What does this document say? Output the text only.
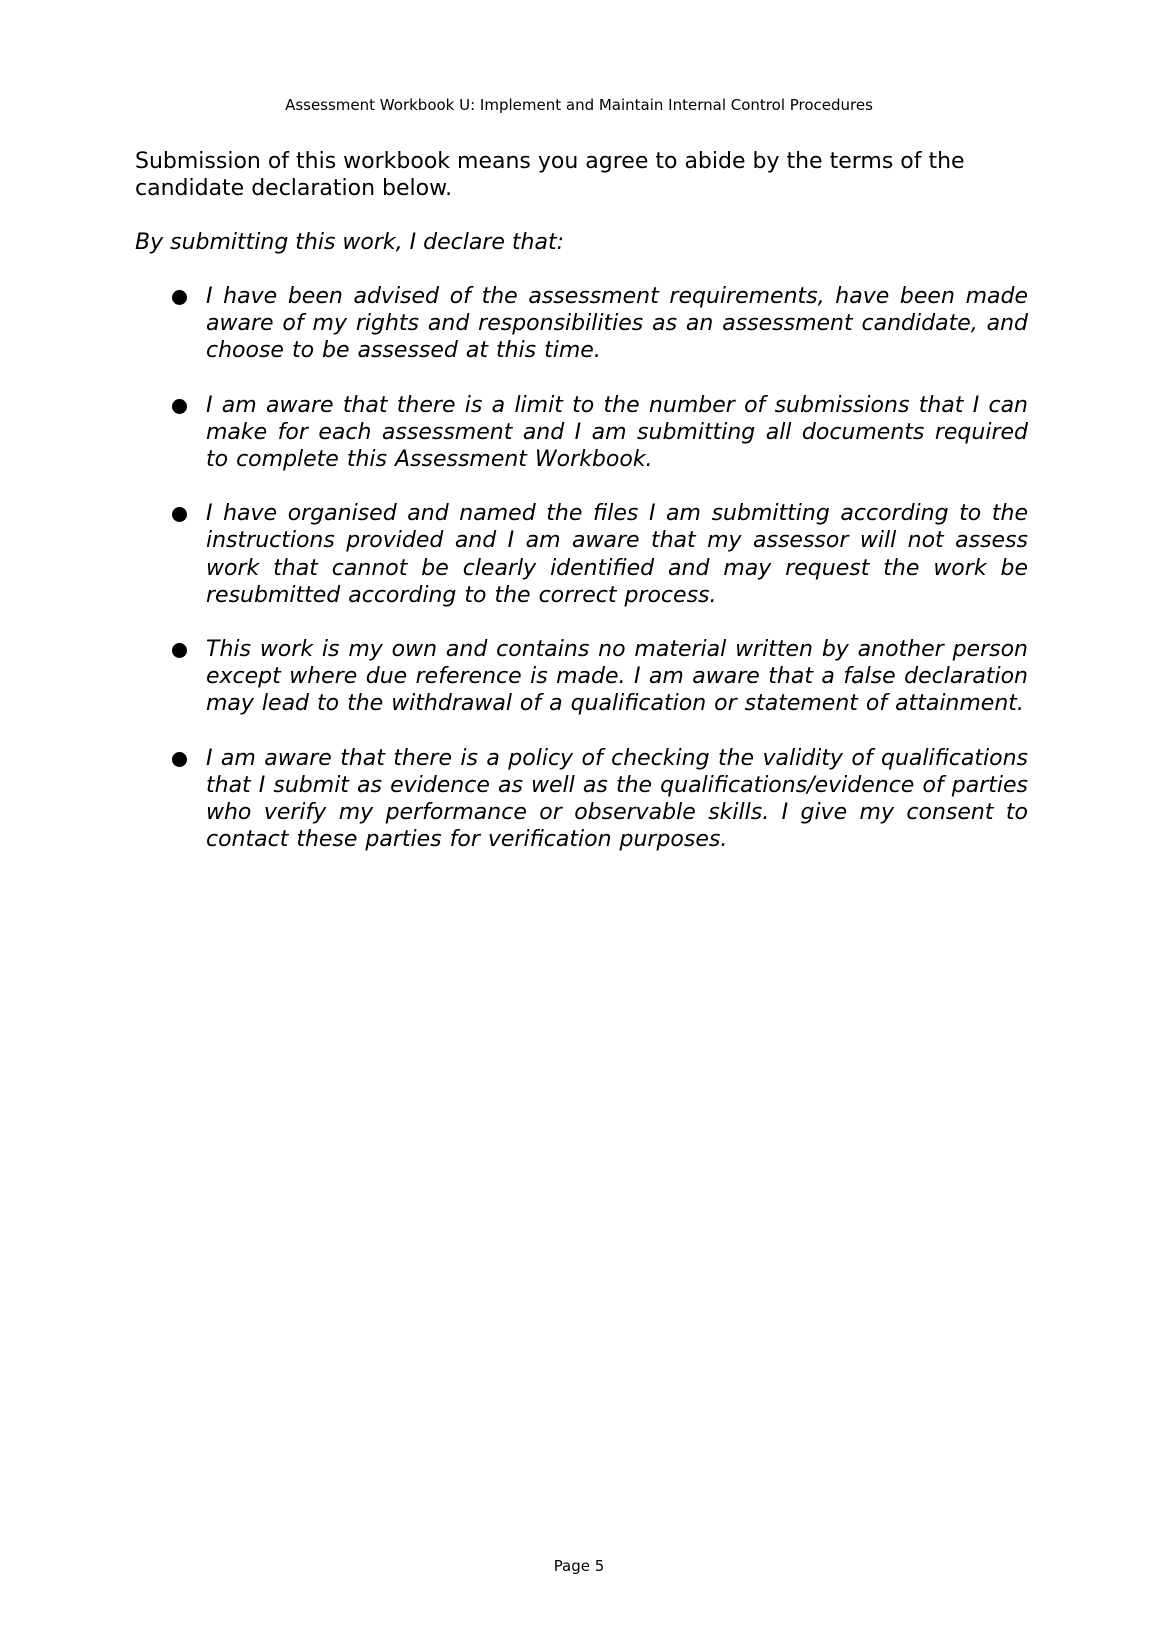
Assessment Workbook U: Implement and Maintain Internal Control Procedures

Submission of this workbook means you agree to abide by the terms of the candidate declaration below.

By submitting this work, I declare that:

I have been advised of the assessment requirements, have been made aware of my rights and responsibilities as an assessment candidate, and choose to be assessed at this time.
I am aware that there is a limit to the number of submissions that I can make for each assessment and I am submitting all documents required to complete this Assessment Workbook.
I have organised and named the files I am submitting according to the instructions provided and I am aware that my assessor will not assess work that cannot be clearly identified and may request the work be resubmitted according to the correct process.
This work is my own and contains no material written by another person except where due reference is made. I am aware that a false declaration may lead to the withdrawal of a qualification or statement of attainment.
I am aware that there is a policy of checking the validity of qualifications that I submit as evidence as well as the qualifications/evidence of parties who verify my performance or observable skills. I give my consent to contact these parties for verification purposes.
Page 5
